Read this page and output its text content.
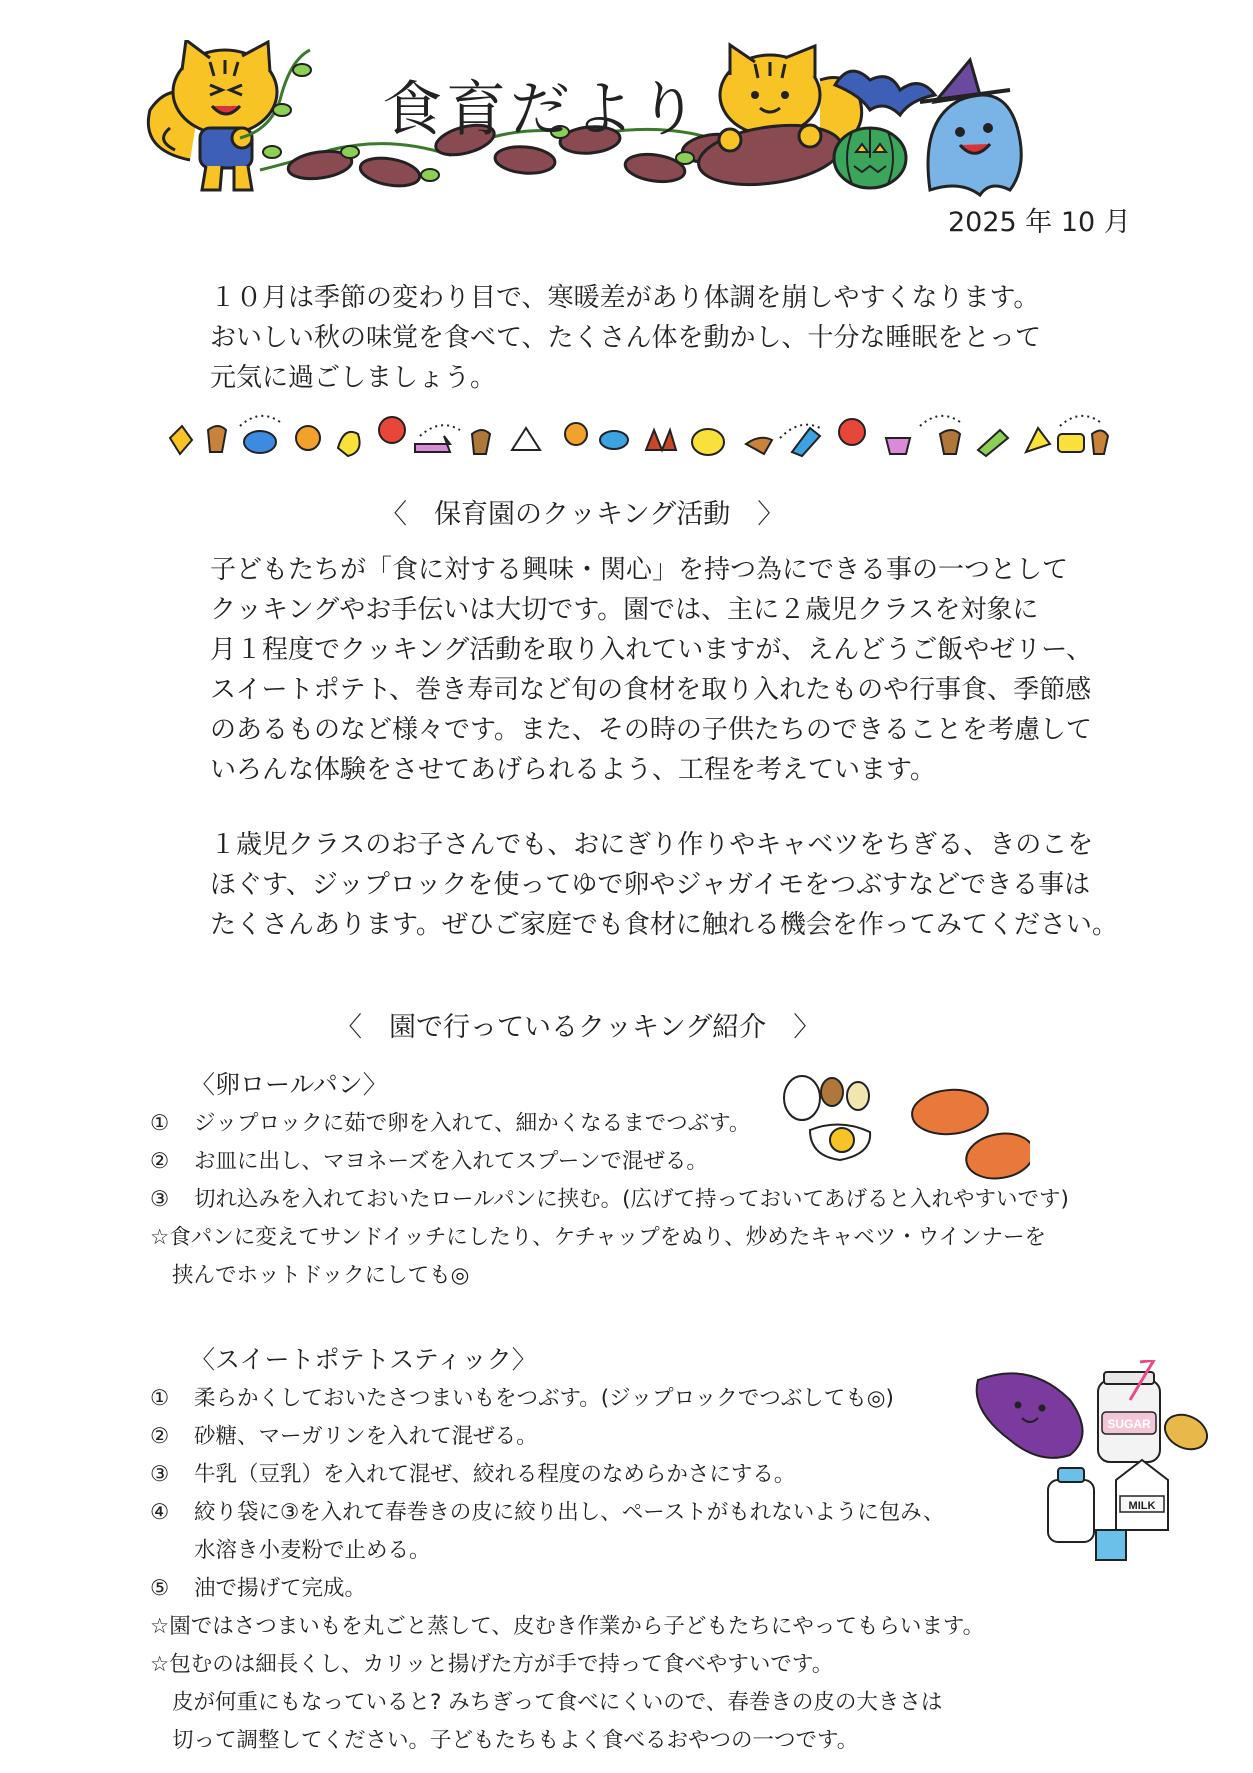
食育だより
2025 年 10 月

１０月は季節の変わり目で、寒暖差があり体調を崩しやすくなります。

おいしい秋の味覚を食べて、たくさん体を動かし、十分な睡眠をとって

元気に過ごしましょう。

〈　保育園のクッキング活動　〉

子どもたちが「食に対する興味・関心」を持つ為にできる事の一つとして

クッキングやお手伝いは大切です。園では、主に２歳児クラスを対象に

月１程度でクッキング活動を取り入れていますが、えんどうご飯やゼリー、

スイートポテト、巻き寿司など旬の食材を取り入れたものや行事食、季節感

のあるものなど様々です。また、その時の子供たちのできることを考慮して

いろんな体験をさせてあげられるよう、工程を考えています。

１歳児クラスのお子さんでも、おにぎり作りやキャベツをちぎる、きのこを

ほぐす、ジップロックを使ってゆで卵やジャガイモをつぶすなどできる事は

たくさんあります。ぜひご家庭でも食材に触れる機会を作ってみてください。

〈　園で行っているクッキング紹介　〉
〈卵ロールパン〉
① ジップロックに茹で卵を入れて、細かくなるまでつぶす。
② お皿に出し、マヨネーズを入れてスプーンで混ぜる。
③ 切れ込みを入れておいたロールパンに挟む。(広げて持っておいてあげると入れやすいです)
☆食パンに変えてサンドイッチにしたり、ケチャップをぬり、炒めたキャベツ・ウインナーを
挟んでホットドックにしても◎
〈スイートポテトスティック〉
① 柔らかくしておいたさつまいもをつぶす。(ジップロックでつぶしても◎)
② 砂糖、マーガリンを入れて混ぜる。
③ 牛乳（豆乳）を入れて混ぜ、絞れる程度のなめらかさにする。
④ 絞り袋に③を入れて春巻きの皮に絞り出し、ペーストがもれないように包み、
水溶き小麦粉で止める。
⑤ 油で揚げて完成。
☆園ではさつまいもを丸ごと蒸して、皮むき作業から子どもたちにやってもらいます。
☆包むのは細長くし、カリッと揚げた方が手で持って食べやすいです。
皮が何重にもなっていると? みちぎって食べにくいので、春巻きの皮の大きさは
切って調整してください。子どもたちもよく食べるおやつの一つです。
SUGAR
MILK
